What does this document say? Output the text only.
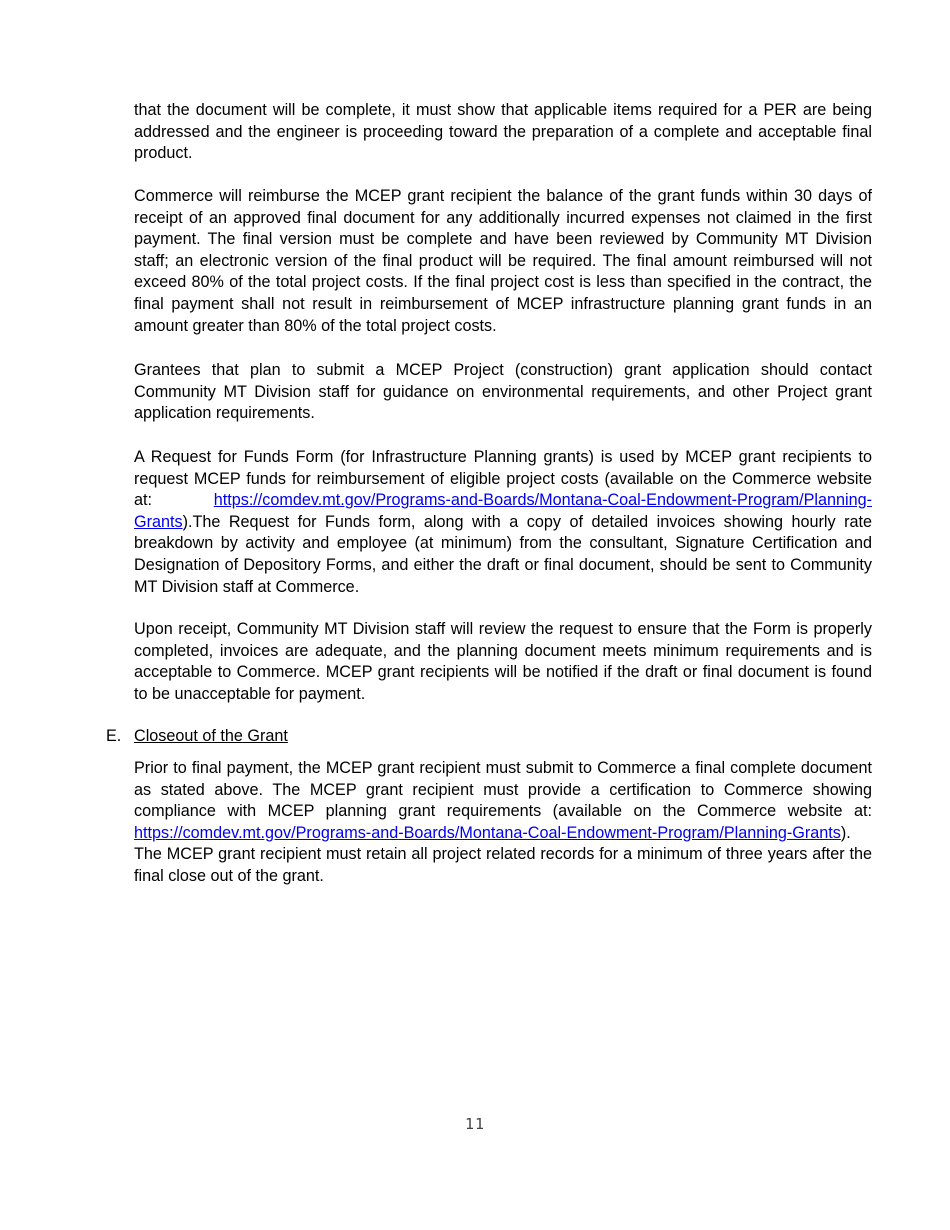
that the document will be complete, it must show that applicable items required for a PER are being addressed and the engineer is proceeding toward the preparation of a complete and acceptable final product.

Commerce will reimburse the MCEP grant recipient the balance of the grant funds within 30 days of receipt of an approved final document for any additionally incurred expenses not claimed in the first payment. The final version must be complete and have been reviewed by Community MT Division staff; an electronic version of the final product will be required. The final amount reimbursed will not exceed 80% of the total project costs. If the final project cost is less than specified in the contract, the final payment shall not result in reimbursement of MCEP infrastructure planning grant funds in an amount greater than 80% of the total project costs.

Grantees that plan to submit a MCEP Project (construction) grant application should contact Community MT Division staff for guidance on environmental requirements, and other Project grant application requirements.

A Request for Funds Form (for Infrastructure Planning grants) is used by MCEP grant recipients to request MCEP funds for reimbursement of eligible project costs (available on the Commerce website at: https://comdev.mt.gov/Programs-and-Boards/Montana-Coal-Endowment-Program/Planning-Grants).The Request for Funds form, along with a copy of detailed invoices showing hourly rate breakdown by activity and employee (at minimum) from the consultant, Signature Certification and Designation of Depository Forms, and either the draft or final document, should be sent to Community MT Division staff at Commerce.

Upon receipt, Community MT Division staff will review the request to ensure that the Form is properly completed, invoices are adequate, and the planning document meets minimum requirements and is acceptable to Commerce. MCEP grant recipients will be notified if the draft or final document is found to be unacceptable for payment.

E. Closeout of the Grant

Prior to final payment, the MCEP grant recipient must submit to Commerce a final complete document as stated above. The MCEP grant recipient must provide a certification to Commerce showing compliance with MCEP planning grant requirements (available on the Commerce website at: https://comdev.mt.gov/Programs-and-Boards/Montana-Coal-Endowment-Program/Planning-Grants). The MCEP grant recipient must retain all project related records for a minimum of three years after the final close out of the grant.

11
